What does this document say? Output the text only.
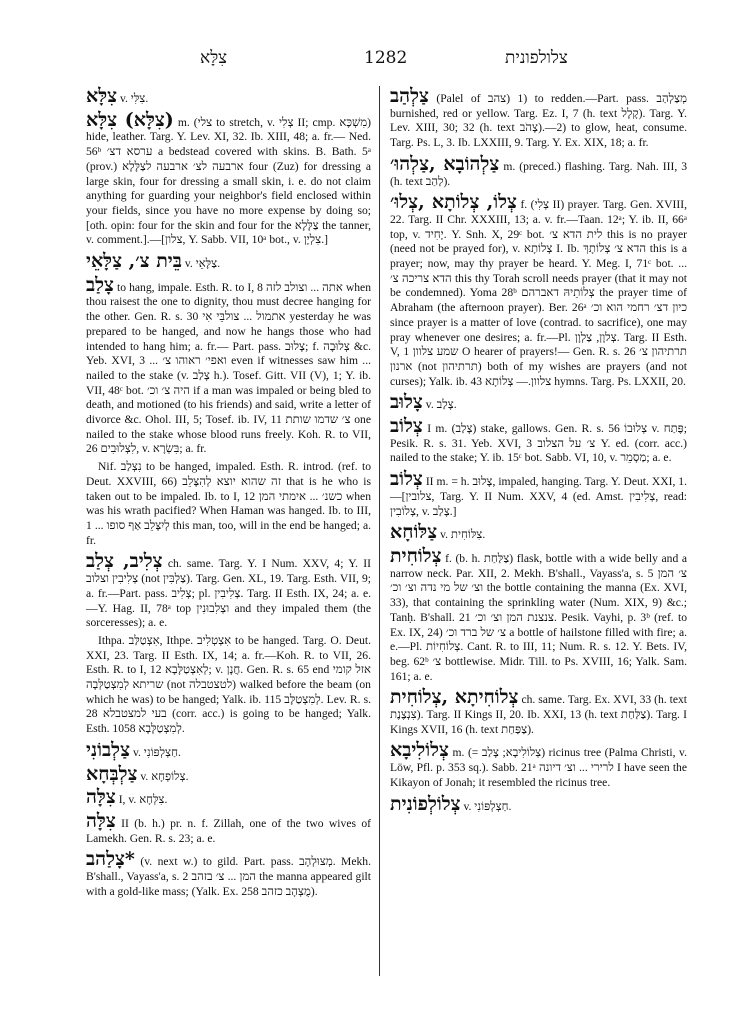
צִלָּא	1282	צלולפונית
צִלָּא v. צִלִּי.
(צִלָּא) צִלָּא m. (צלי to stretch, v. צְלִי II; cmp. מִשְׁכָּא) hide, leather. Targ. Y. Lev. XI, 32. Ib. XIII, 48; a. fr.— Ned. 56ᵇ ערסא דצ׳ a bedstead covered with skins. B. Bath. 5ᵃ (prov.) ארבעה לצ׳ ארבעה לצַלָּלָא four (Zuz) for dressing a large skin, four for dressing a small skin, i. e. do not claim anything for guarding your neighbor's field enclosed within your fields, since you have no more expense by doing so; [oth. opin: four for the skin and four for the צַלָּלָא the tanner, v. comment.].—[צלון, Y. Sabb. VII, 10ᵃ bot., v. צִלְיָן.]
בֵּית צ׳, צַלָּאֵי v. צַלָּאֵי.
צָלַב to hang, impale. Esth. R. to I, 8 אתה ... וצולב לזה when thou raisest the one to dignity, thou must decree hanging for the other. Gen. R. s. 30 אתמול ... צולבֵּי אִי yesterday he was prepared to be hanged, and now he hangs those who had intended to hang him; a. fr.— Part. pass. צָלוּב; f. צְלוּבָה &c. Yeb. XVI, 3 ... ואפי׳ ראוהו צ׳ even if witnesses saw him ... nailed to the stake (v. צָלַב h.). Tosef. Gitt. VII (V), 1; Y. ib. VII, 48ᶜ bot. היה צ׳ וכ׳ if a man was impaled or being bled to death, and motioned (to his friends) and said, write a letter of divorce &c. Ohol. III, 5; Tosef. ib. IV, 11 צ׳ שדמו שותת one nailed to the stake whose blood runs freely. Koh. R. to VII, 26 לִצְלוּבִים, v. בִּשְׂרָא; a. fr.
Nif. נִצְלַב to be hanged, impaled. Esth. R. introd. (ref. to Deut. XXVIII, 66) זה שהוא יוצא לְהִצָּלֵב that is he who is taken out to be impaled. Ib. to I, 12 כשנ׳ ... אימתי המן when was his wrath pacified? When Haman was hanged. Ib. to III, 1 ... לְיִצָּלֵב אַף סופו this man, too, will in the end be hanged; a. fr.
צְלִיב, צְלַב ch. same. Targ. Y. I Num. XXV, 4; Y. II צְלִיבִין וצלוב (not צַלְבִּין). Targ. Gen. XL, 19. Targ. Esth. VII, 9; a. fr.—Part. pass. צְלִיב; pl. צְלִיבִין. Targ. II Esth. IX, 24; a. e.—Y. Hag. II, 78ᵃ top וצְלִבוּנִין and they impaled them (the sorceresses); a. e.
Ithpa. אִצְטַלַּב, Ithpe. אִצְטְלִיב to be hanged. Targ. O. Deut. XXI, 23. Targ. II Esth. IX, 14; a. fr.—Koh. R. to VII, 26. Esth. R. to I, 12 לְאִצְטַלָּבָא; v. חֲנָן. Gen. R. s. 65 end אזל קומי שריתא לְמִצְטַלְּבָה (not לטצטבלה) walked before the beam (on which he was) to be hanged; Yalk. ib. 115 לְמִצְטַלָּב. Lev. R. s. 28 בעי למצטבלא (corr. acc.) is going to be hanged; Yalk. Esth. 1058 לְמִצְטַלָּבָא.
צַלְבוֹנִי v. חַצְלְפּוֹנִי.
צַלְבְּחָא v. צְלוֹפְחָא.
צִלָּה I, v. צִלְּחָא.
צִלָּה II (b. h.) pr. n. f. Zillah, one of the two wives of Lamekh. Gen. R. s. 23; a. e.
*צָלַהב (v. next w.) to gild. Part. pass. מְצוּלְהָב. Mekh. B'shall., Vayass'a, s. 2 המן ... צ׳ בזהב the manna appeared gilt with a gold-like mass; (Yalk. Ex. 258 מֻצְהָב כזהב).
צַלְהַב (Palel of צהב) 1) to redden.—Part. pass. מְצַלְהַב burnished, red or yellow. Targ. Ez. I, 7 (h. text קָלָל). Targ. Y. Lev. XIII, 30; 32 (h. text צָהֹב).—2) to glow, heat, consume. Targ. Ps. L, 3. Ib. LXXIII, 9. Targ. Y. Ex. XIX, 18; a. fr.
צַלְהוֹבָא ,צַלְהוּ׳ m. (preced.) flashing. Targ. Nah. III, 3 (h. text לַהַב).
צְלוֹ, צְלוֹתָא ,צְלוּ׳ f. (צְלִי II) prayer. Targ. Gen. XVIII, 22. Targ. II Chr. XXXIII, 13; a. v. fr.—Taan. 12ᵃ; Y. ib. II, 66ᵃ top, v. יָחִיד. Y. Snh. X, 29ᶜ bot. לית הדא צ׳ this is no prayer (need not be prayed for), v. צְלוֹתָא I. Ib. הדא צ׳ צְלוֹתָךְ this is a prayer; now, may thy prayer be heard. Y. Meg. I, 71ᶜ bot. ... הדא צריכה צ׳ this thy Torah scroll needs prayer (that it may not be condemned). Yoma 28ᵇ צְלוֹתֵיהּ דאברהם the prayer time of Abraham (the afternoon prayer). Ber. 26ᵃ כיון דצ׳ רחמי הוא וכ׳ since prayer is a matter of love (contrad. to sacrifice), one may pray whenever one desires; a. fr.—Pl. צְלוָן, צַלְוָן. Targ. II Esth. V, 1 שמע צלוון O hearer of prayers!— Gen. R. s. 26 תרתיהון צ׳ ארנון (not תרתיהון) both of my wishes are prayers (and not curses); Yalk. ib. 43 צלוון.— צְלוֹתָא hymns. Targ. Ps. LXXII, 20.
צָלוּב v. צָלַב.
צְלוֹב I m. (צָלַב) stake, gallows. Gen. R. s. 56 צְלוּבוֹ v. פֶּתַח; Pesik. R. s. 31. Yeb. XVI, 3 צ׳ על הצלוב Y. ed. (corr. acc.) nailed to the stake; Y. ib. 15ᶜ bot. Sabb. VI, 10, v. מַסְמֵר; a. e.
צְלוֹב II m. = h. צָלוּב, impaled, hanging. Targ. Y. Deut. XXI, 1.—[צלובין, Targ. Y. II Num. XXV, 4 (ed. Amst. צְלִיבִין, read: צְלוֹבִין, v. צָלַב.]
צַלּוֹחָא v. צִלּוֹחִית.
צְלוֹחִית f. (b. h. צַלַּחַת) flask, bottle with a wide belly and a narrow neck. Par. XII, 2. Mekh. B'shall., Vayass'a, s. 5 צ׳ המן וצ׳ של מי נדה וצ׳ וכ׳ the bottle containing the manna (Ex. XVI, 33), that containing the sprinkling water (Num. XIX, 9) &c.; Tanḥ. B'shall. 21 צנצנת המן וצ׳ וכ׳. Pesik. Vayhi, p. 3ᵇ (ref. to Ex. IX, 24) צ׳ של ברד וכ׳ a bottle of hailstone filled with fire; a. e.—Pl. צְלוֹחִיוֹת. Cant. R. to III, 11; Num. R. s. 12. Y. Bets. IV, beg. 62ᵇ צ׳ bottlewise. Midr. Till. to Ps. XVIII, 16; Yalk. Sam. 161; a. e.
צְלוֹחִיתָא ,צְלוֹחִית ch. same. Targ. Ex. XVI, 33 (h. text צִנְצֶנֶת). Targ. II Kings II, 20. Ib. XXI, 13 (h. text צַלַּחַת). Targ. I Kings XVII, 16 (h. text צַפַּחַת).
צְלוֹלִיבָא m. (= צְלוֹלִיבָא; צָלַב) ricinus tree (Palma Christi, v. Löw, Pfl. p. 353 sq.). Sabb. 21ᵃ לרירי ... וצ׳ דיונה I have seen the Kikayon of Jonah; it resembled the ricinus tree.
צְלוֹלְפוֹנִית v. חַצְלְפּוֹנִי.
